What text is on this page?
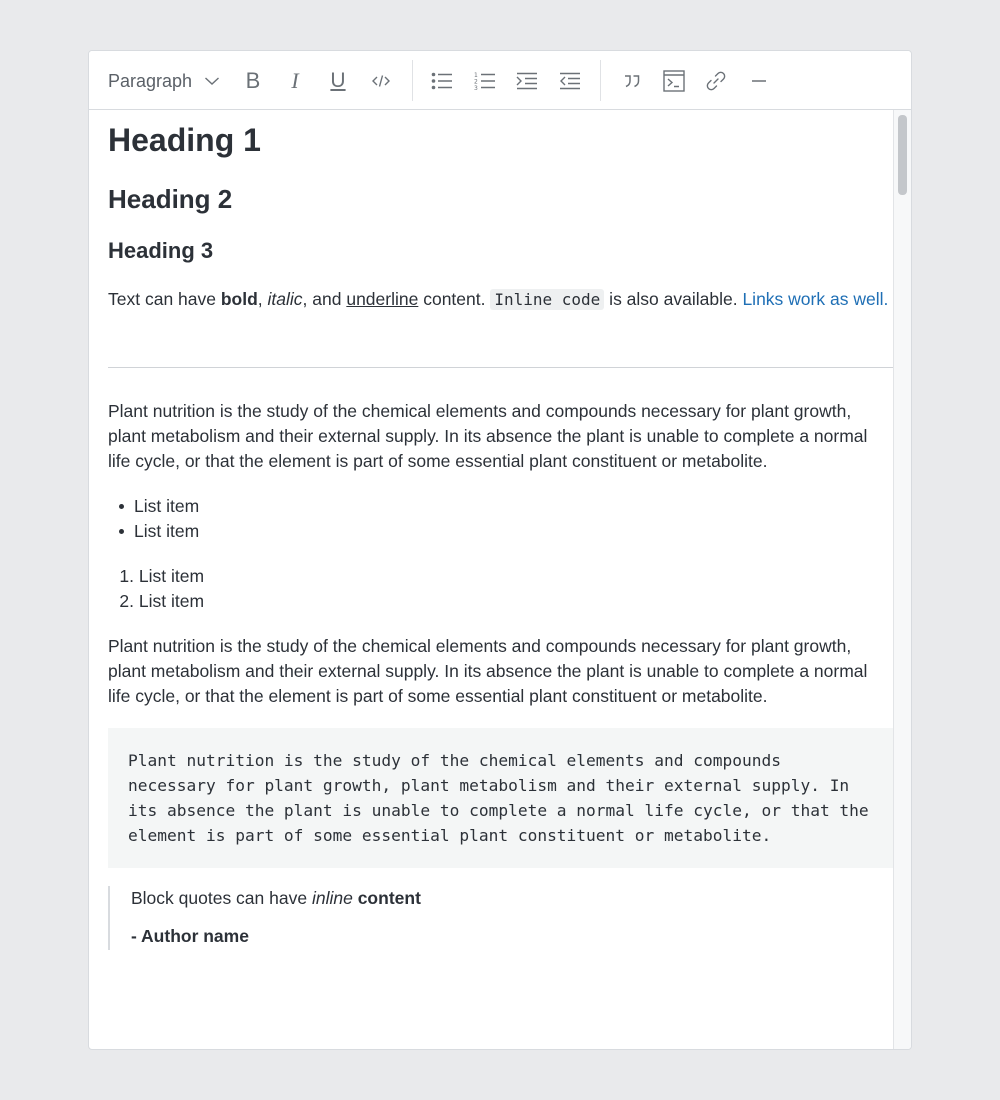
Paragraph B I U	1
2
3
Heading 1
Heading 2
Heading 3
Text can have bold, italic, and underline content. Inline code is also available. Links work as well.
Plant nutrition is the study of the chemical elements and compounds necessary for plant growth, plant metabolism and their external supply. In its absence the plant is unable to complete a normal life cycle, or that the element is part of some essential plant constituent or metabolite.
List item
List item
1.
List item
2.
List item
Plant nutrition is the study of the chemical elements and compounds necessary for plant growth, plant metabolism and their external supply. In its absence the plant is unable to complete a normal life cycle, or that the element is part of some essential plant constituent or metabolite.
Plant nutrition is the study of the chemical elements and compounds
necessary for plant growth, plant metabolism and their external supply. In
its absence the plant is unable to complete a normal life cycle, or that the
element is part of some essential plant constituent or metabolite.
Block quotes can have inline content
- Author name
